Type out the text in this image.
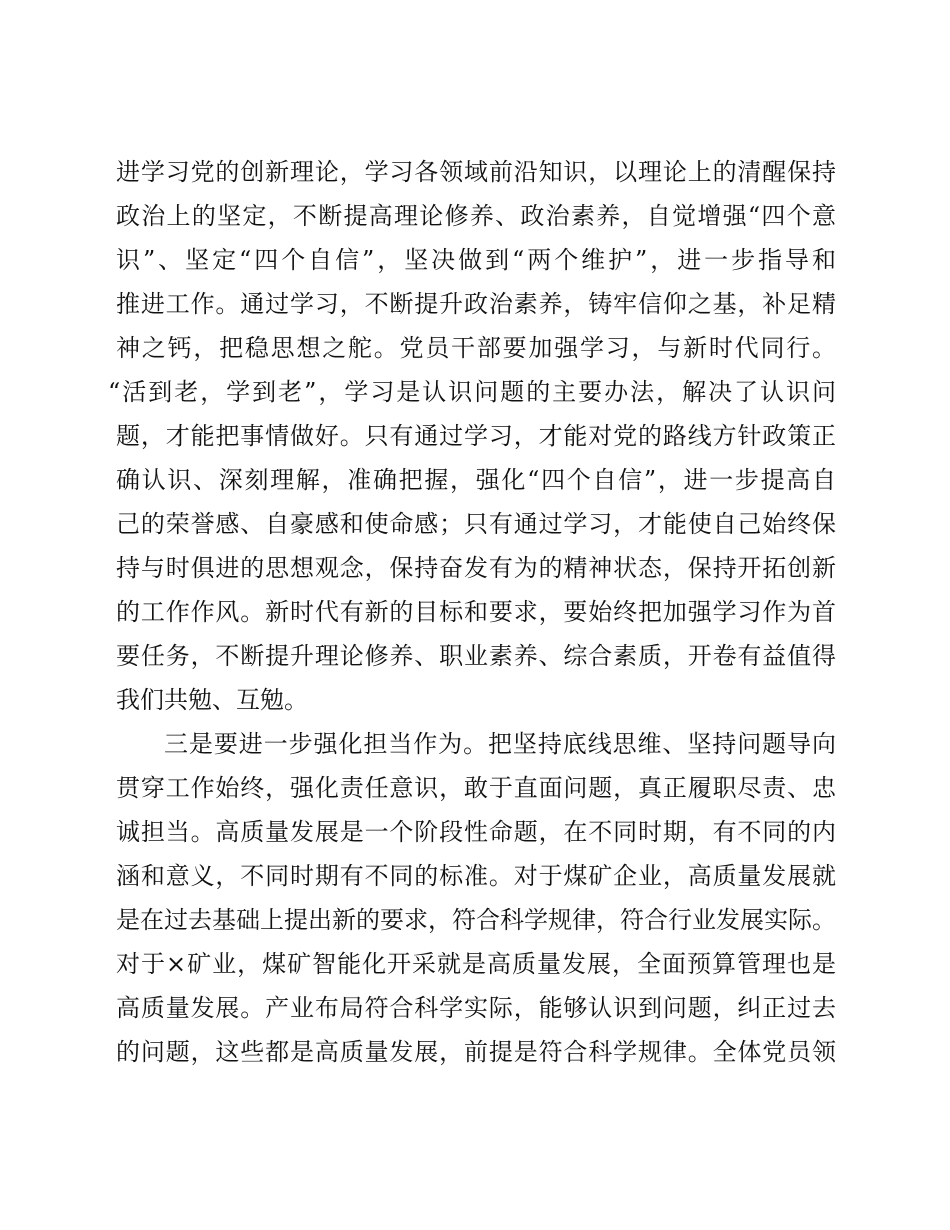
进学习党的创新理论，学习各领域前沿知识，以理论上的清醒保持
政治上的坚定，不断提高理论修养、政治素养，自觉增强“四个意
识”、坚定“四个自信”，坚决做到“两个维护”，进一步指导和
推进工作。通过学习，不断提升政治素养，铸牢信仰之基，补足精
神之钙，把稳思想之舵。党员干部要加强学习，与新时代同行。
“活到老，学到老”，学习是认识问题的主要办法，解决了认识问
题，才能把事情做好。只有通过学习，才能对党的路线方针政策正
确认识、深刻理解，准确把握，强化“四个自信”，进一步提高自
己的荣誉感、自豪感和使命感；只有通过学习，才能使自己始终保
持与时俱进的思想观念，保持奋发有为的精神状态，保持开拓创新
的工作作风。新时代有新的目标和要求，要始终把加强学习作为首
要任务，不断提升理论修养、职业素养、综合素质，开卷有益值得
我们共勉、互勉。
三是要进一步强化担当作为。把坚持底线思维、坚持问题导向
贯穿工作始终，强化责任意识，敢于直面问题，真正履职尽责、忠
诚担当。高质量发展是一个阶段性命题，在不同时期，有不同的内
涵和意义，不同时期有不同的标准。对于煤矿企业，高质量发展就
是在过去基础上提出新的要求，符合科学规律，符合行业发展实际。
对于×矿业，煤矿智能化开采就是高质量发展，全面预算管理也是
高质量发展。产业布局符合科学实际，能够认识到问题，纠正过去
的问题，这些都是高质量发展，前提是符合科学规律。全体党员领
